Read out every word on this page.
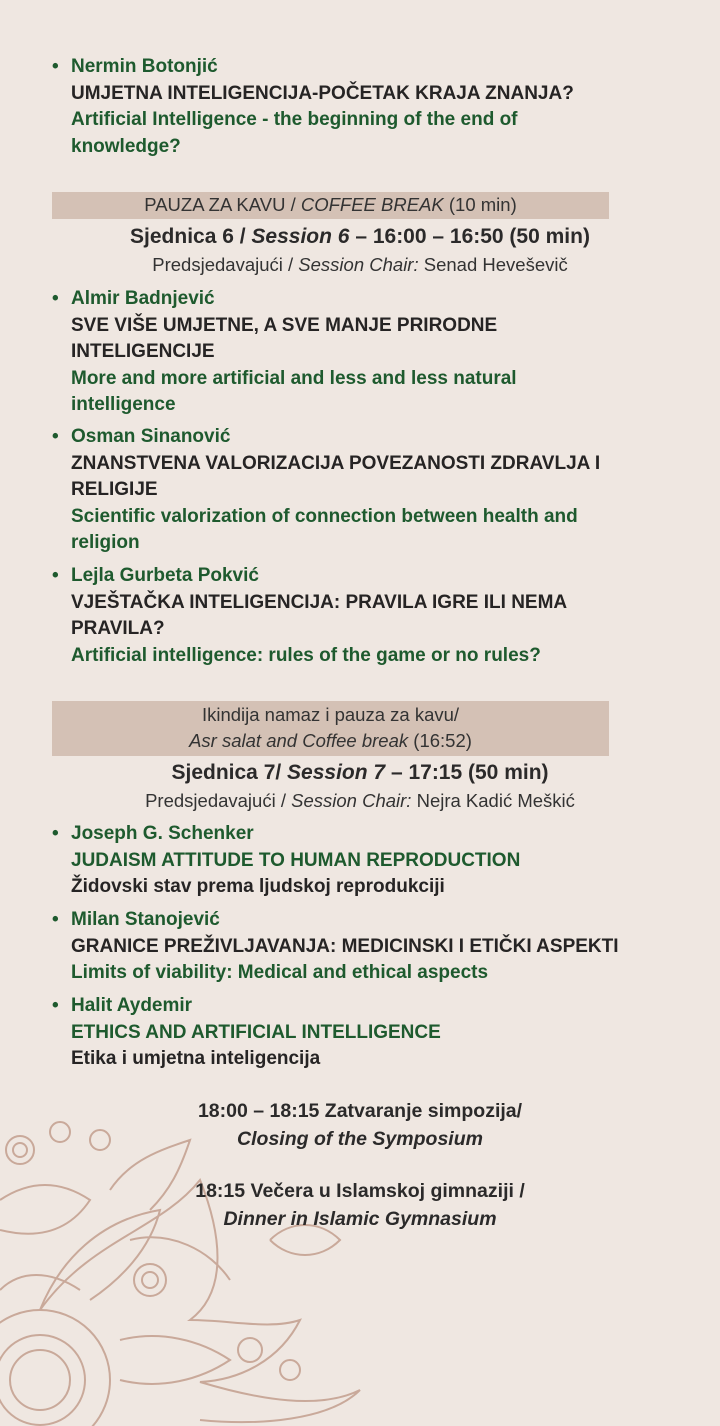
• Nermin Botonjić
UMJETNA INTELIGENCIJA-POČETAK KRAJA ZNANJA?
Artificial Intelligence - the beginning of the end of
knowledge?
PAUZA ZA KAVU / COFFEE BREAK (10 min)
Sjednica 6 / Session 6 – 16:00 – 16:50 (50 min)
Predsjedavajući / Session Chair: Senad Heveševič
• Almir Badnjević
SVE VIŠE UMJETNE, A SVE MANJE PRIRODNE
INTELIGENCIJE
More and more artificial and less and less natural
intelligence
• Osman Sinanović
ZNANSTVENA VALORIZACIJA POVEZANOSTI ZDRAVLJA I
RELIGIJE
Scientific valorization of connection between health and
religion
• Lejla Gurbeta Pokvić
VJEŠTAČKA INTELIGENCIJA: PRAVILA IGRE ILI NEMA
PRAVILA?
Artificial intelligence: rules of the game or no rules?
Ikindija namaz i pauza za kavu/
Asr salat and Coffee break (16:52)
Sjednica 7/ Session 7 – 17:15 (50 min)
Predsjedavajući / Session Chair: Nejra Kadić Meškić
• Joseph G. Schenker
JUDAISM ATTITUDE TO HUMAN REPRODUCTION
Židovski stav prema ljudskoj reprodukciji
• Milan Stanojević
GRANICE PREŽIVLJAVANJA: MEDICINSKI I ETIČKI ASPEKTI
Limits of viability: Medical and ethical aspects
• Halit Aydemir
ETHICS AND ARTIFICIAL INTELLIGENCE
Etika i umjetna inteligencija
18:00 – 18:15 Zatvaranje simpozija/
Closing of the Symposium
18:15 Večera u Islamskoj gimnaziji /
Dinner in Islamic Gymnasium
